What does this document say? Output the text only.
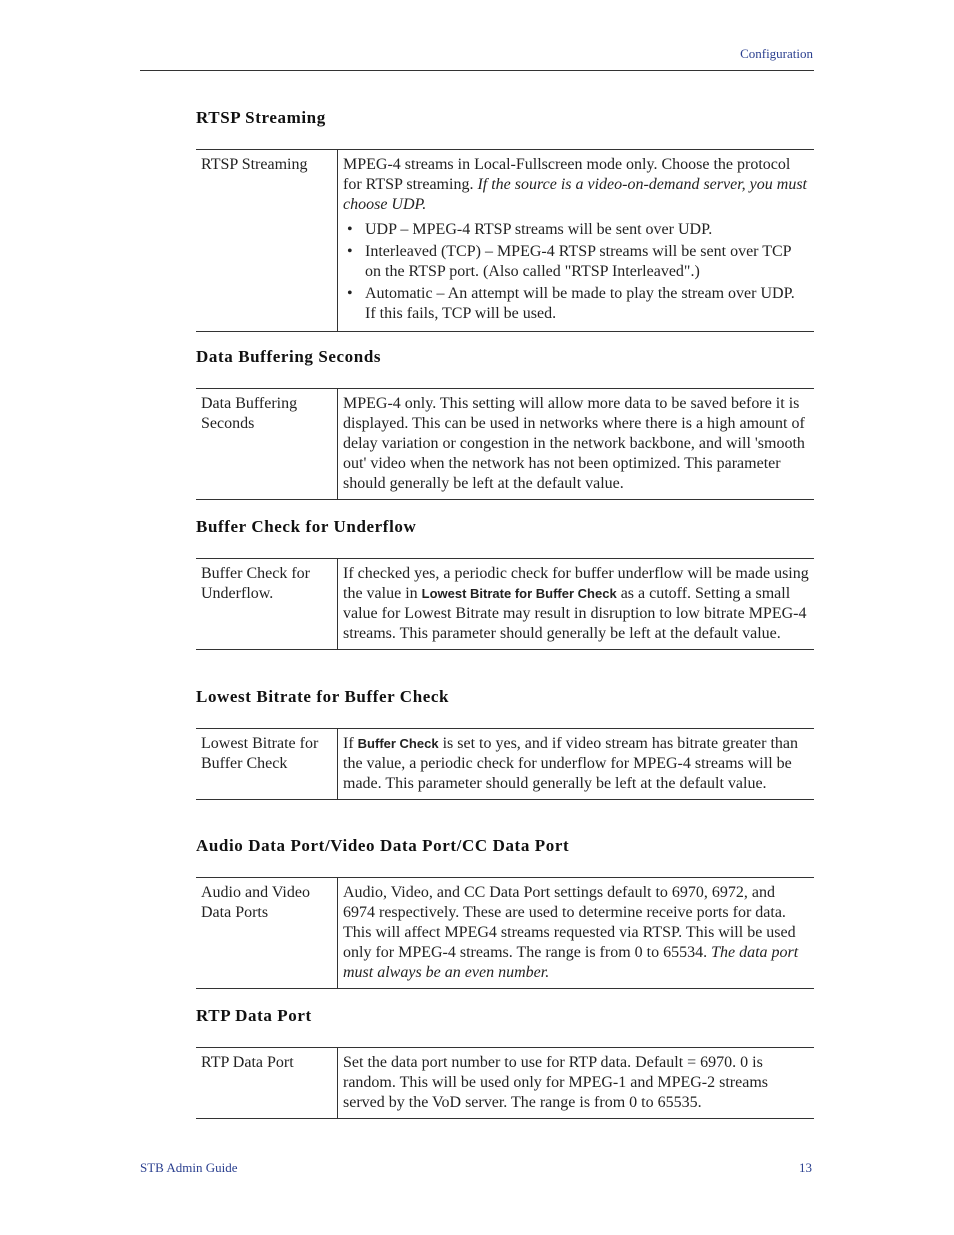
Configuration
RTSP Streaming
RTSP Streaming	MPEG-4 streams in Local-Fullscreen mode only. Choose the protocol for RTSP streaming. If the source is a video-on-demand server, you must choose UDP.
• UDP – MPEG-4 RTSP streams will be sent over UDP.
• Interleaved (TCP) – MPEG-4 RTSP streams will be sent over TCP on the RTSP port. (Also called "RTSP Interleaved".)
• Automatic – An attempt will be made to play the stream over UDP. If this fails, TCP will be used.
Data Buffering Seconds
Data Buffering Seconds	MPEG-4 only. This setting will allow more data to be saved before it is displayed. This can be used in networks where there is a high amount of delay variation or congestion in the network backbone, and will 'smooth out' video when the network has not been optimized. This parameter should generally be left at the default value.
Buffer Check for Underflow
Buffer Check for Underflow.	If checked yes, a periodic check for buffer underflow will be made using the value in Lowest Bitrate for Buffer Check as a cutoff. Setting a small value for Lowest Bitrate may result in disruption to low bitrate MPEG-4 streams. This parameter should generally be left at the default value.
Lowest Bitrate for Buffer Check
Lowest Bitrate for Buffer Check	If Buffer Check is set to yes, and if video stream has bitrate greater than the value, a periodic check for underflow for MPEG-4 streams will be made. This parameter should generally be left at the default value.
Audio Data Port/Video Data Port/CC Data Port
Audio and Video Data Ports	Audio, Video, and CC Data Port settings default to 6970, 6972, and 6974 respectively. These are used to determine receive ports for data. This will affect MPEG4 streams requested via RTSP. This will be used only for MPEG-4 streams. The range is from 0 to 65534. The data port must always be an even number.
RTP Data Port
RTP Data Port	Set the data port number to use for RTP data. Default = 6970. 0 is random. This will be used only for MPEG-1 and MPEG-2 streams served by the VoD server. The range is from 0 to 65535.
STB Admin Guide	13
